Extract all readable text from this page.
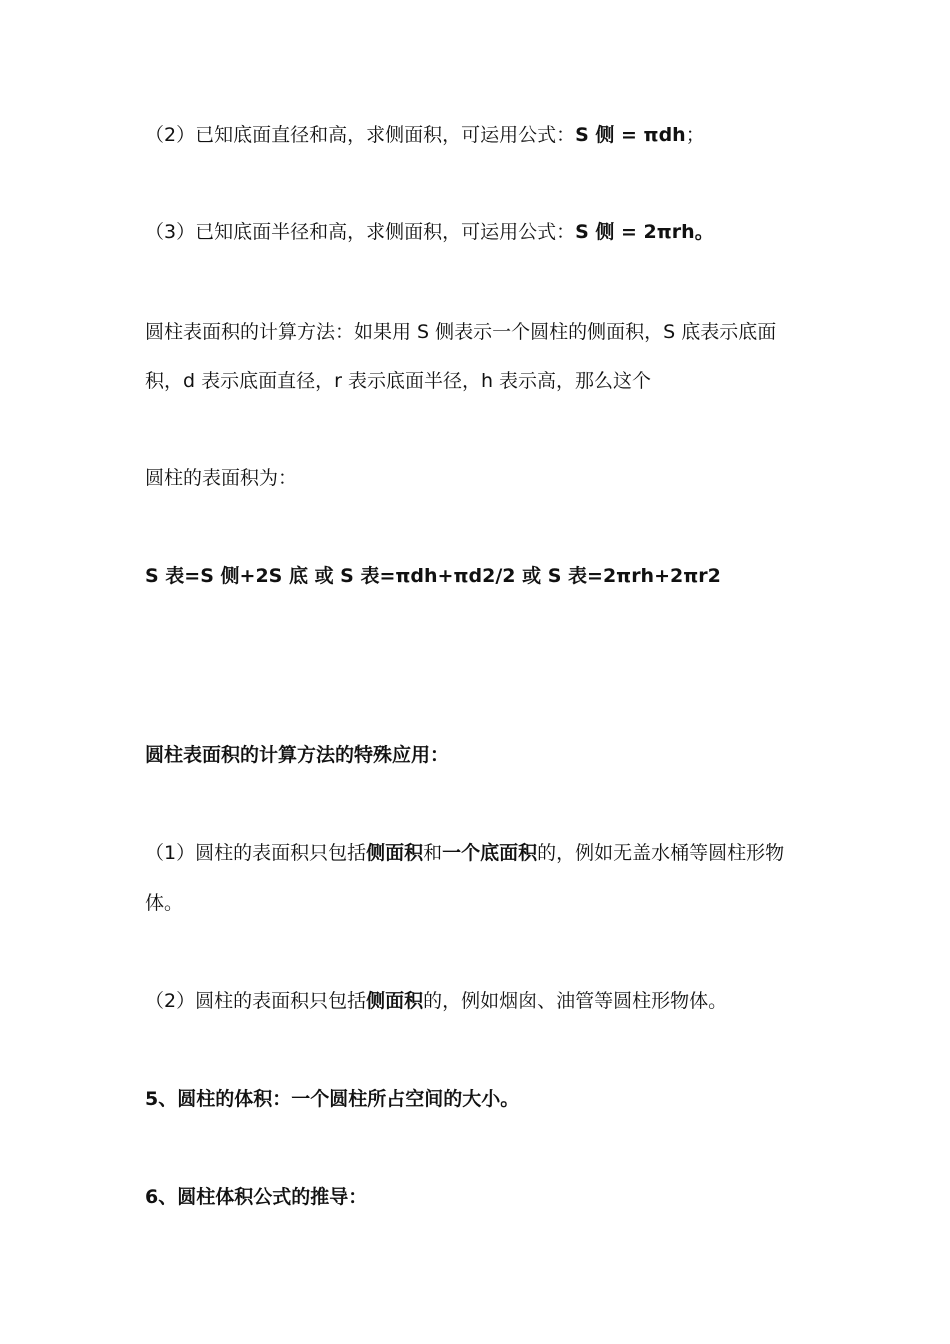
（2）已知底面直径和高，求侧面积，可运用公式：S 侧 = πdh；
（3）已知底面半径和高，求侧面积，可运用公式：S 侧 = 2πrh。
圆柱表面积的计算方法：如果用 S 侧表示一个圆柱的侧面积，S 底表示底面
积，d 表示底面直径，r 表示底面半径，h 表示高，那么这个
圆柱的表面积为：
S 表=S 侧+2S 底 或 S 表=πdh+πd2/2 或 S 表=2πrh+2πr2
圆柱表面积的计算方法的特殊应用：
（1）圆柱的表面积只包括侧面积和一个底面积的，例如无盖水桶等圆柱形物
体。
（2）圆柱的表面积只包括侧面积的，例如烟囱、油管等圆柱形物体。
5、圆柱的体积：一个圆柱所占空间的大小。
6、圆柱体积公式的推导：
